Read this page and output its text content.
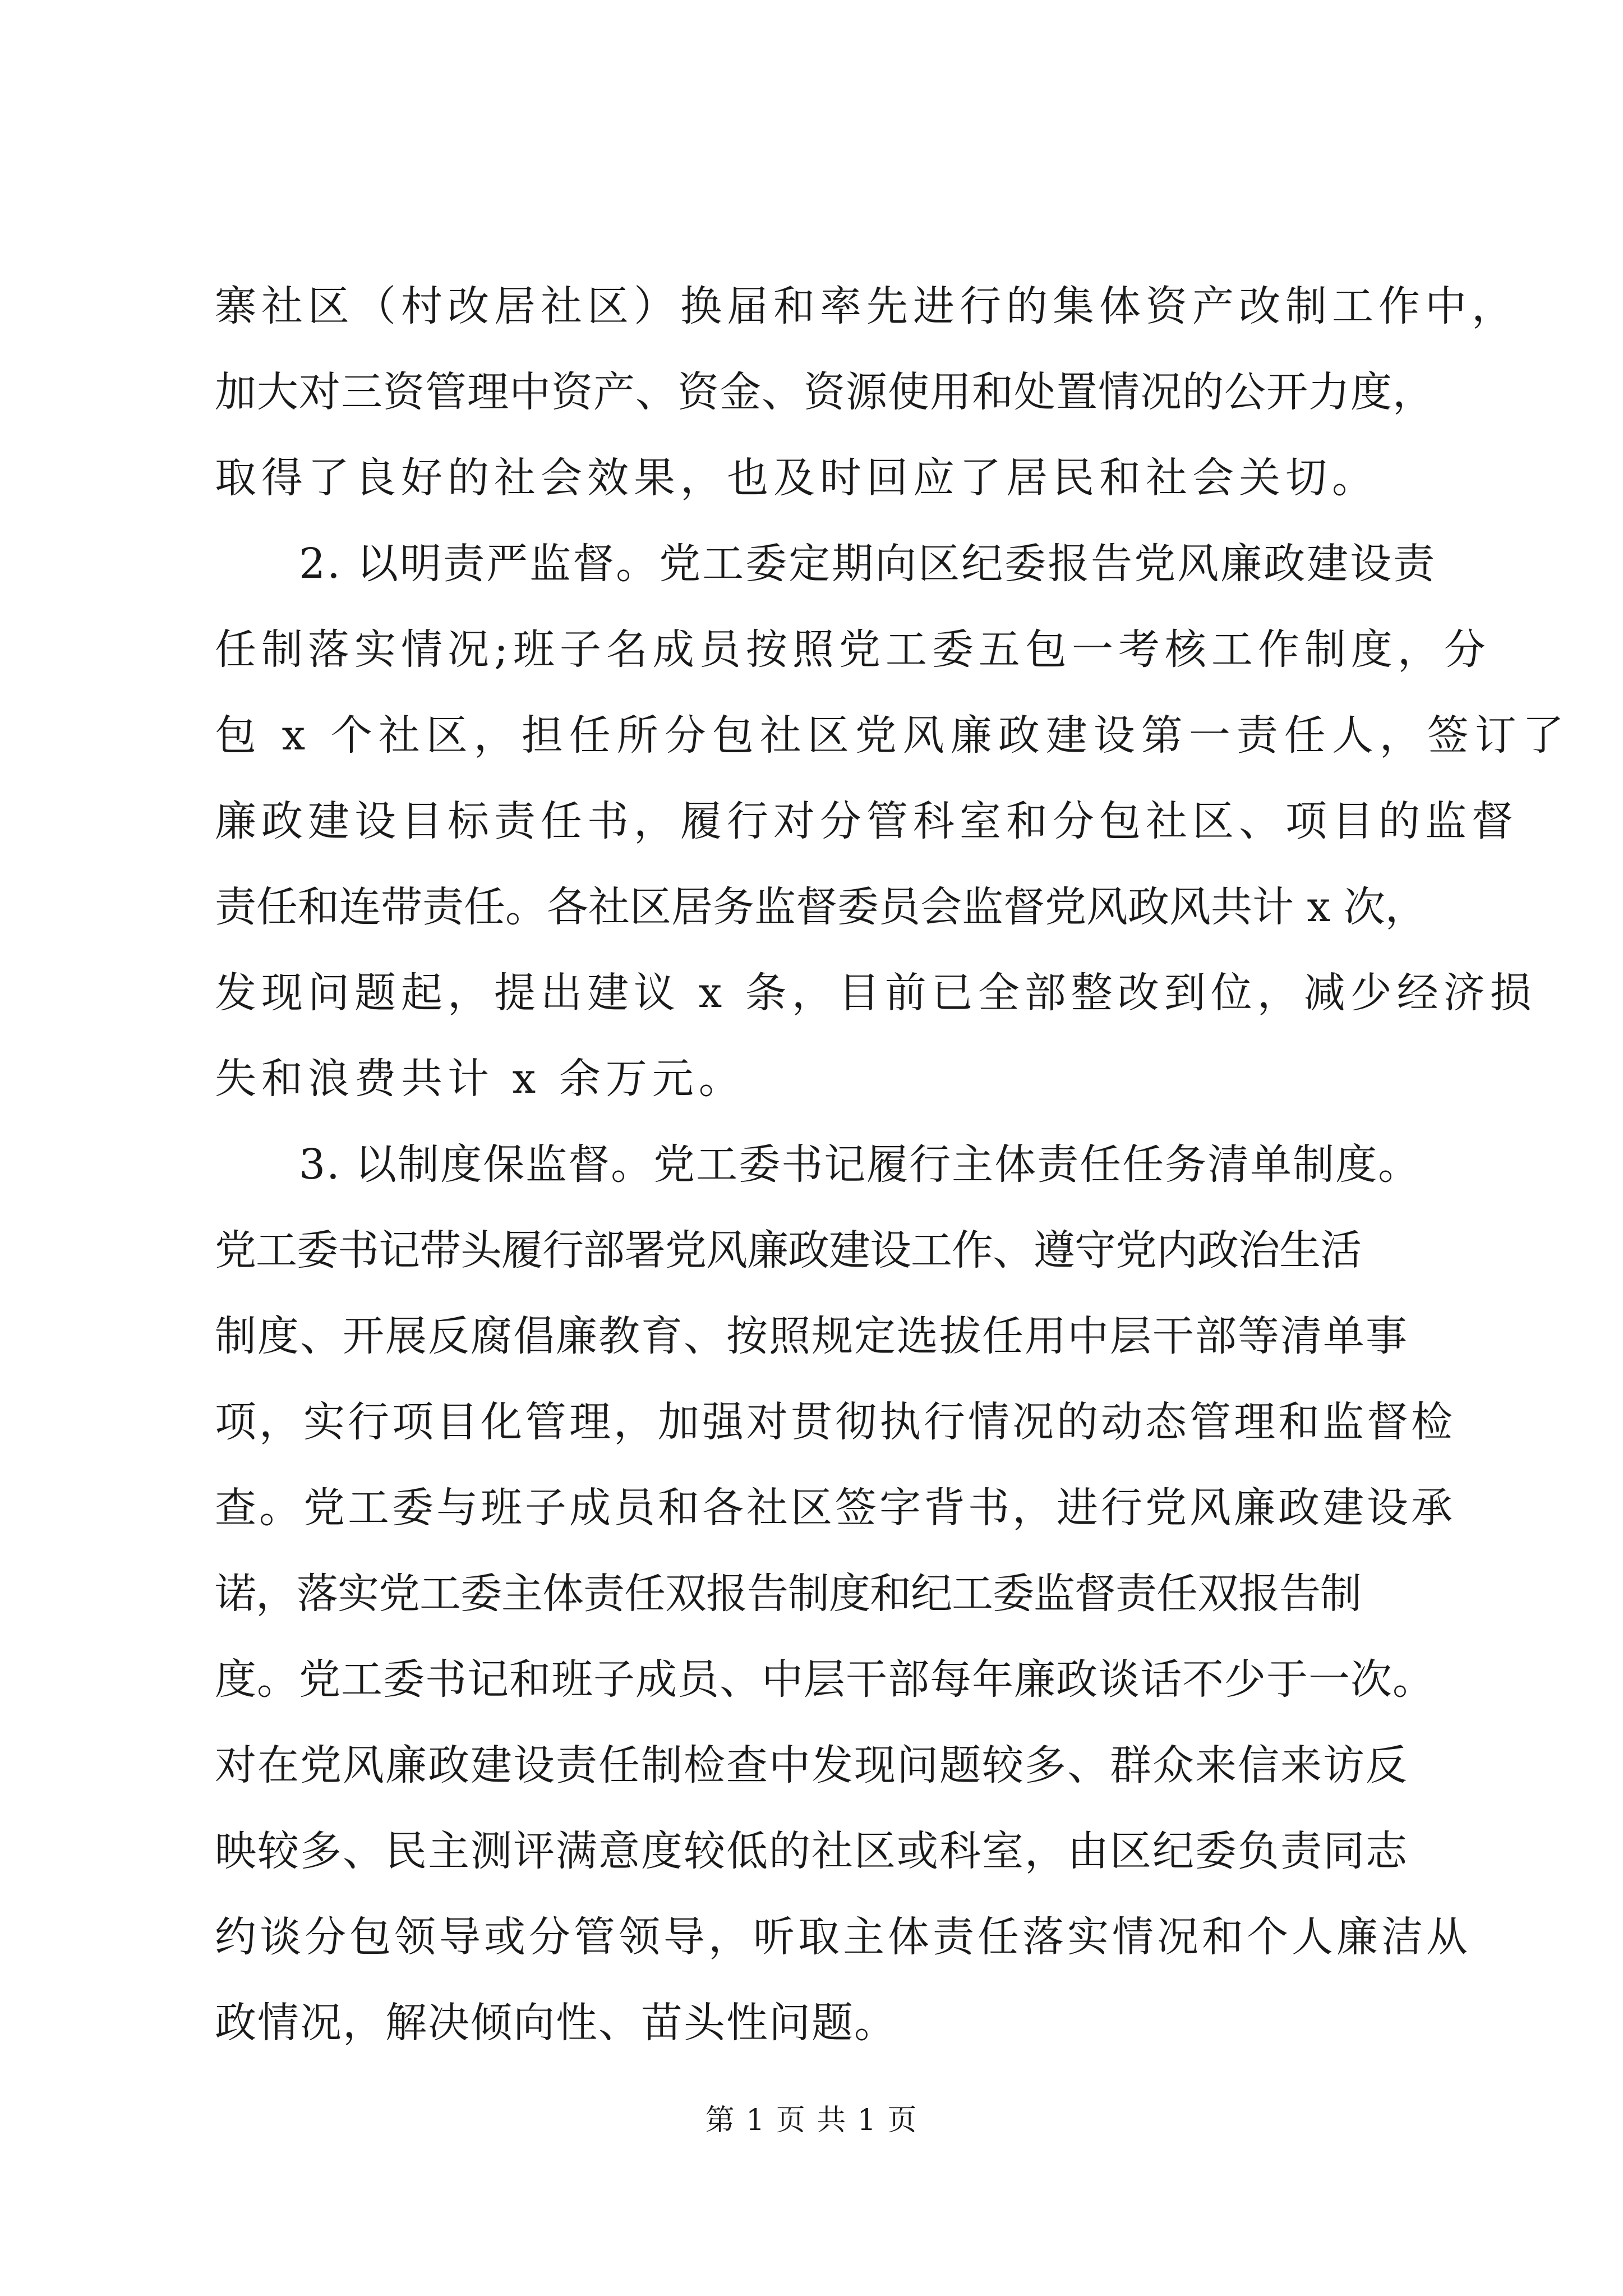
寨社区（村改居社区）换届和率先进行的集体资产改制工作中，
加大对三资管理中资产、资金、资源使用和处置情况的公开力度，
取得了良好的社会效果，也及时回应了居民和社会关切。
2. 以明责严监督。党工委定期向区纪委报告党风廉政建设责
任制落实情况;班子名成员按照党工委五包一考核工作制度，分
包 x 个社区，担任所分包社区党风廉政建设第一责任人，签订了
廉政建设目标责任书，履行对分管科室和分包社区、项目的监督
责任和连带责任。各社区居务监督委员会监督党风政风共计 x 次，
发现问题起，提出建议 x 条，目前已全部整改到位，减少经济损
失和浪费共计 x 余万元。
3. 以制度保监督。党工委书记履行主体责任任务清单制度。
党工委书记带头履行部署党风廉政建设工作、遵守党内政治生活
制度、开展反腐倡廉教育、按照规定选拔任用中层干部等清单事
项，实行项目化管理，加强对贯彻执行情况的动态管理和监督检
查。党工委与班子成员和各社区签字背书，进行党风廉政建设承
诺，落实党工委主体责任双报告制度和纪工委监督责任双报告制
度。党工委书记和班子成员、中层干部每年廉政谈话不少于一次。
对在党风廉政建设责任制检查中发现问题较多、群众来信来访反
映较多、民主测评满意度较低的社区或科室，由区纪委负责同志
约谈分包领导或分管领导，听取主体责任落实情况和个人廉洁从
政情况，解决倾向性、苗头性问题。
第 1 页 共 1 页
